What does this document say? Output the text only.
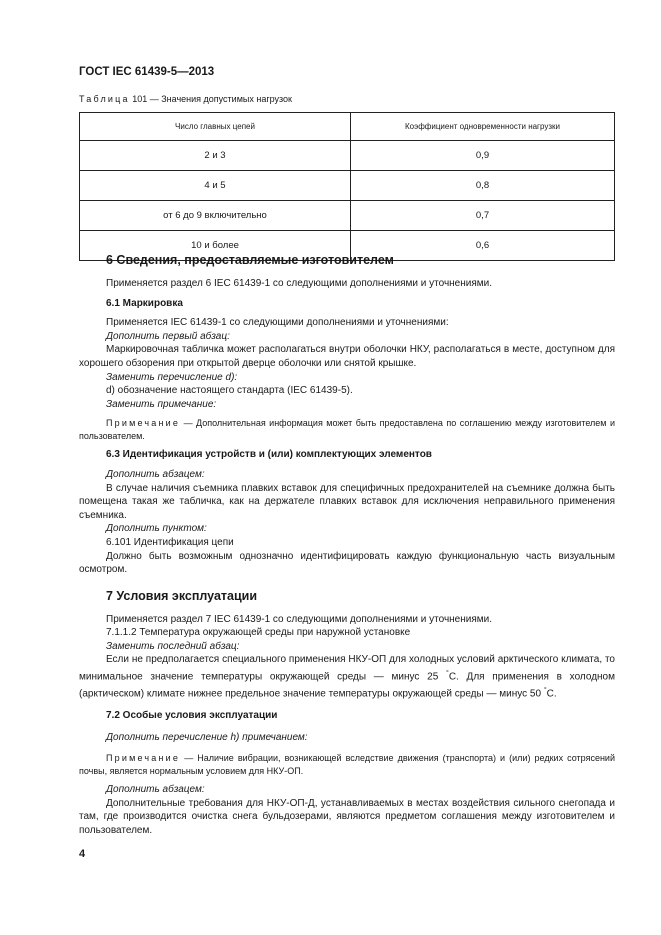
ГОСТ IEC 61439-5—2013
Таблица 101 — Значения допустимых нагрузок
Число главных цепей	Коэффициент одновременности нагрузки
2 и 3	0,9
4 и 5	0,8
от 6 до 9 включительно	0,7
10 и более	0,6
6 Сведения, предоставляемые изготовителем

Применяется раздел 6 IEC 61439-1 со следующими дополнениями и уточнениями.

6.1 Маркировка

Применяется IEC 61439-1 со следующими дополнениями и уточнениями:

Дополнить первый абзац:

Маркировочная табличка может располагаться внутри оболочки НКУ, располагаться в месте, доступном для хорошего обзорения при открытой дверце оболочки или снятой крышке.

Заменить перечисление d):

d) обозначение настоящего стандарта (IEC 61439-5).

Заменить примечание:

Примечание — Дополнительная информация может быть предоставлена по соглашению между изготовителем и пользователем.

6.3 Идентификация устройств и (или) комплектующих элементов

Дополнить абзацем:

В случае наличия съемника плавких вставок для специфичных предохранителей на съемнике должна быть помещена такая же табличка, как на держателе плавких вставок для исключения неправильного применения съемника.

Дополнить пунктом:

6.101 Идентификация цепи

Должно быть возможным однозначно идентифицировать каждую функциональную часть визуальным осмотром.

7 Условия эксплуатации

Применяется раздел 7 IEC 61439-1 со следующими дополнениями и уточнениями.

7.1.1.2 Температура окружающей среды при наружной установке

Заменить последний абзац:

Если не предполагается специального применения НКУ-ОП для холодных условий арктического климата, то минимальное значение температуры окружающей среды — минус 25 °C. Для применения в холодном (арктическом) климате нижнее предельное значение температуры окружающей среды — минус 50 °C.

7.2 Особые условия эксплуатации

Дополнить перечисление h) примечанием:

Примечание — Наличие вибрации, возникающей вследствие движения (транспорта) и (или) редких сотрясений почвы, является нормальным условием для НКУ-ОП.

Дополнить абзацем:

Дополнительные требования для НКУ-ОП-Д, устанавливаемых в местах воздействия сильного снегопада и там, где производится очистка снега бульдозерами, являются предметом соглашения между изготовителем и пользователем.

4
